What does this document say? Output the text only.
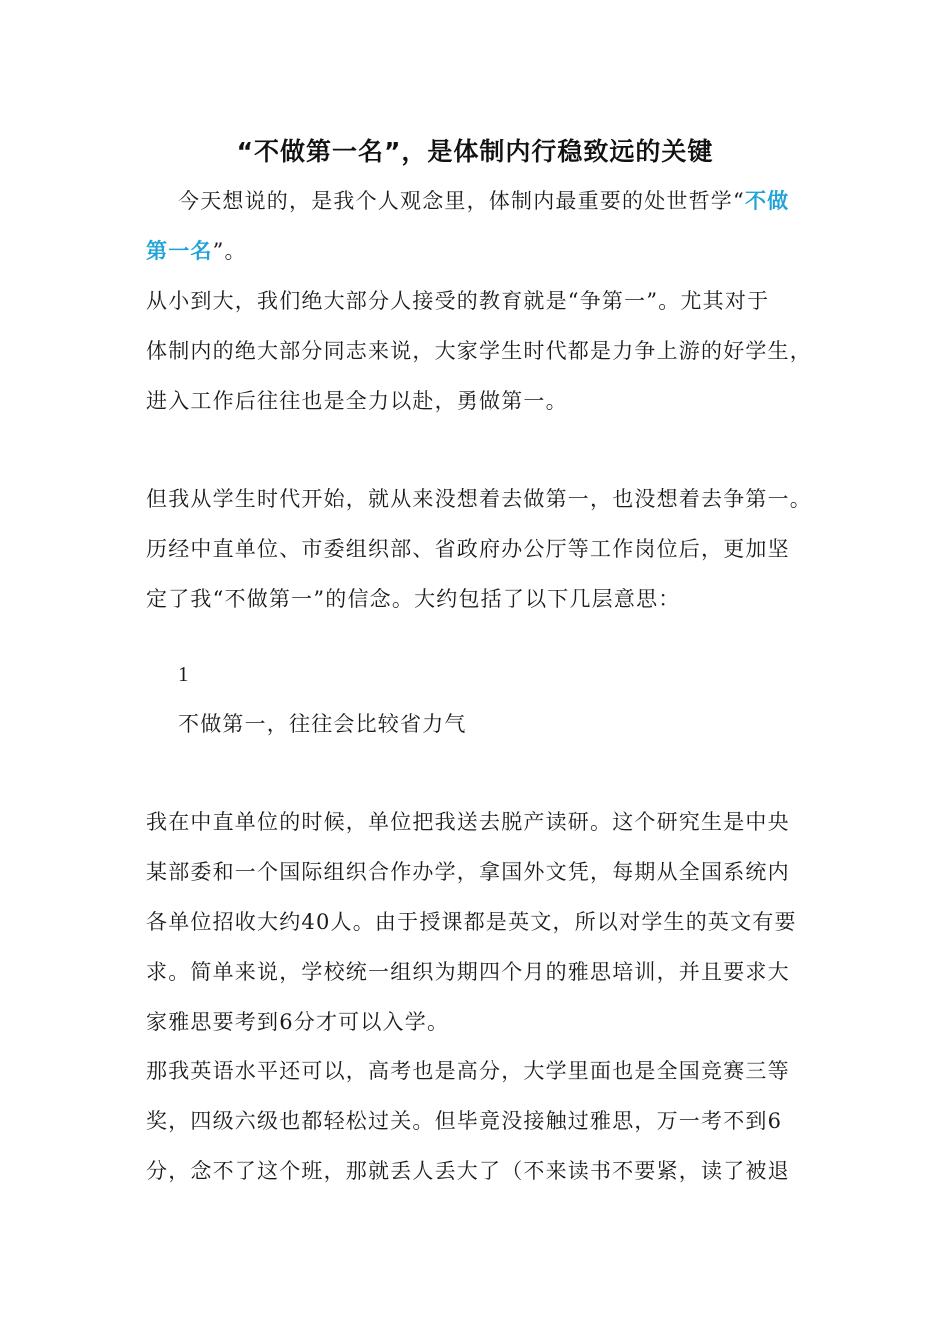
“不做第一名”，是体制内行稳致远的关键
今天想说的，是我个人观念里，体制内最重要的处世哲学“不做
第一名”。
从小到大，我们绝大部分人接受的教育就是“争第一”。尤其对于
体制内的绝大部分同志来说，大家学生时代都是力争上游的好学生，
进入工作后往往也是全力以赴，勇做第一。
但我从学生时代开始，就从来没想着去做第一，也没想着去争第一。
历经中直单位、市委组织部、省政府办公厅等工作岗位后，更加坚
定了我“不做第一”的信念。大约包括了以下几层意思：
1
不做第一，往往会比较省力气
我在中直单位的时候，单位把我送去脱产读研。这个研究生是中央
某部委和一个国际组织合作办学，拿国外文凭，每期从全国系统内
各单位招收大约40人。由于授课都是英文，所以对学生的英文有要
求。简单来说，学校统一组织为期四个月的雅思培训，并且要求大
家雅思要考到6分才可以入学。
那我英语水平还可以，高考也是高分，大学里面也是全国竞赛三等
奖，四级六级也都轻松过关。但毕竟没接触过雅思，万一考不到6
分，念不了这个班，那就丢人丢大了（不来读书不要紧，读了被退
